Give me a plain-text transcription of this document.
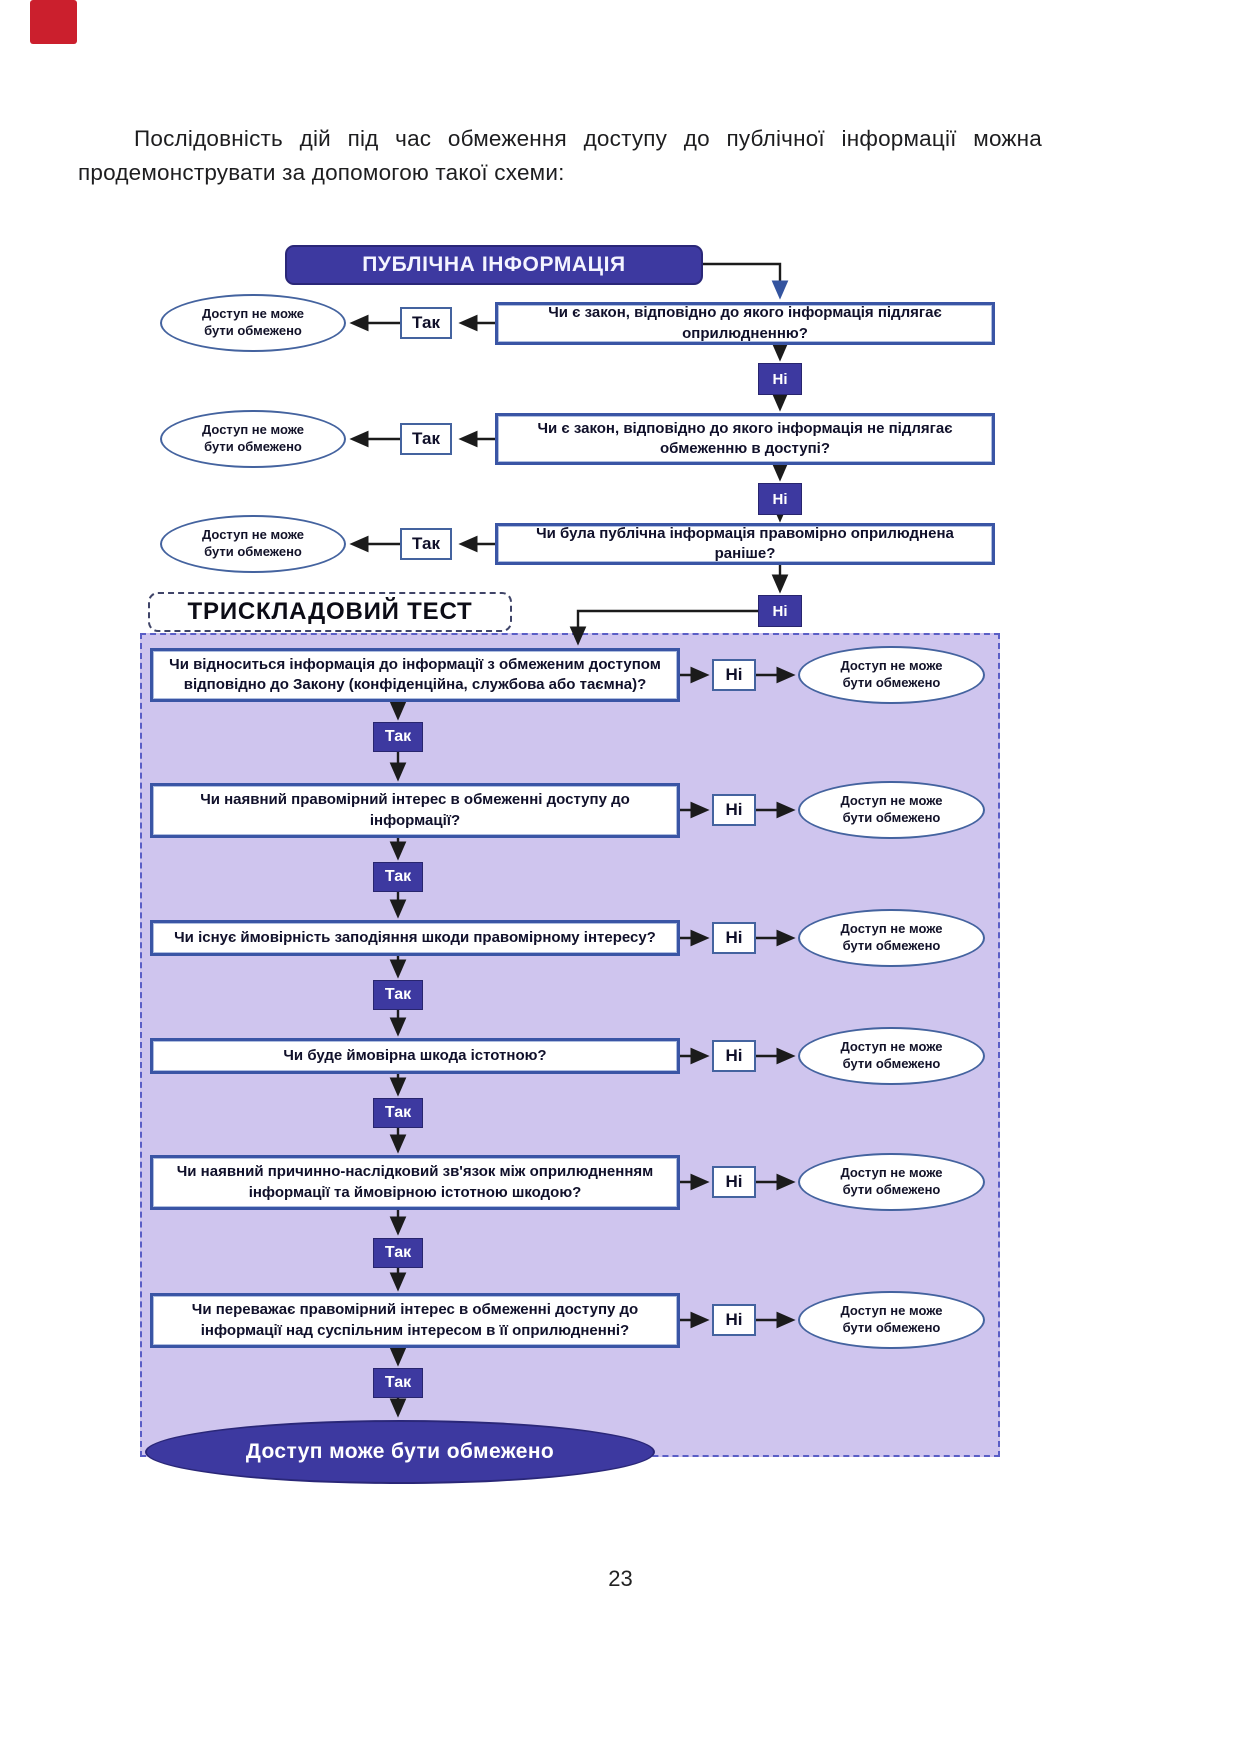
Послідовність дій під час обмеження доступу до публічної інформації можна продемонструвати за допомогою такої схеми:

ПУБЛІЧНА ІНФОРМАЦІЯ
Чи є закон, відповідно до якого інформація підлягає оприлюдненню?
Так
Доступ не може бути обмежено
Ні
Чи є закон, відповідно до якого інформація не підлягає обмеженню в доступі?
Так
Доступ не може бути обмежено
Ні
Чи була публічна інформація правомірно оприлюднена раніше?
Так
Доступ не може бути обмежено
Ні
ТРИСКЛАДОВИЙ ТЕСТ
Чи відноситься інформація до інформації з обмеженим доступом відповідно до Закону (конфіденційна, службова або таємна)?
Ні	Доступ не може бути обмежено
Так
Чи наявний правомірний інтерес в обмеженні доступу до інформації?
Ні	Доступ не може бути обмежено
Так
Чи існує ймовірність заподіяння шкоди правомірному інтересу?	Ні	Доступ не може бути обмежено
Так
Чи буде ймовірна шкода істотною?	Ні	Доступ не може бути обмежено
Так
Чи наявний причинно-наслідковий зв'язок між оприлюдненням інформації та ймовірною істотною шкодою?
Ні	Доступ не може бути обмежено
Так
Чи переважає правомірний інтерес в обмеженні доступу до інформації над суспільним інтересом в її оприлюдненні?
Ні	Доступ не може бути обмежено
Так
Доступ може бути обмежено
23
